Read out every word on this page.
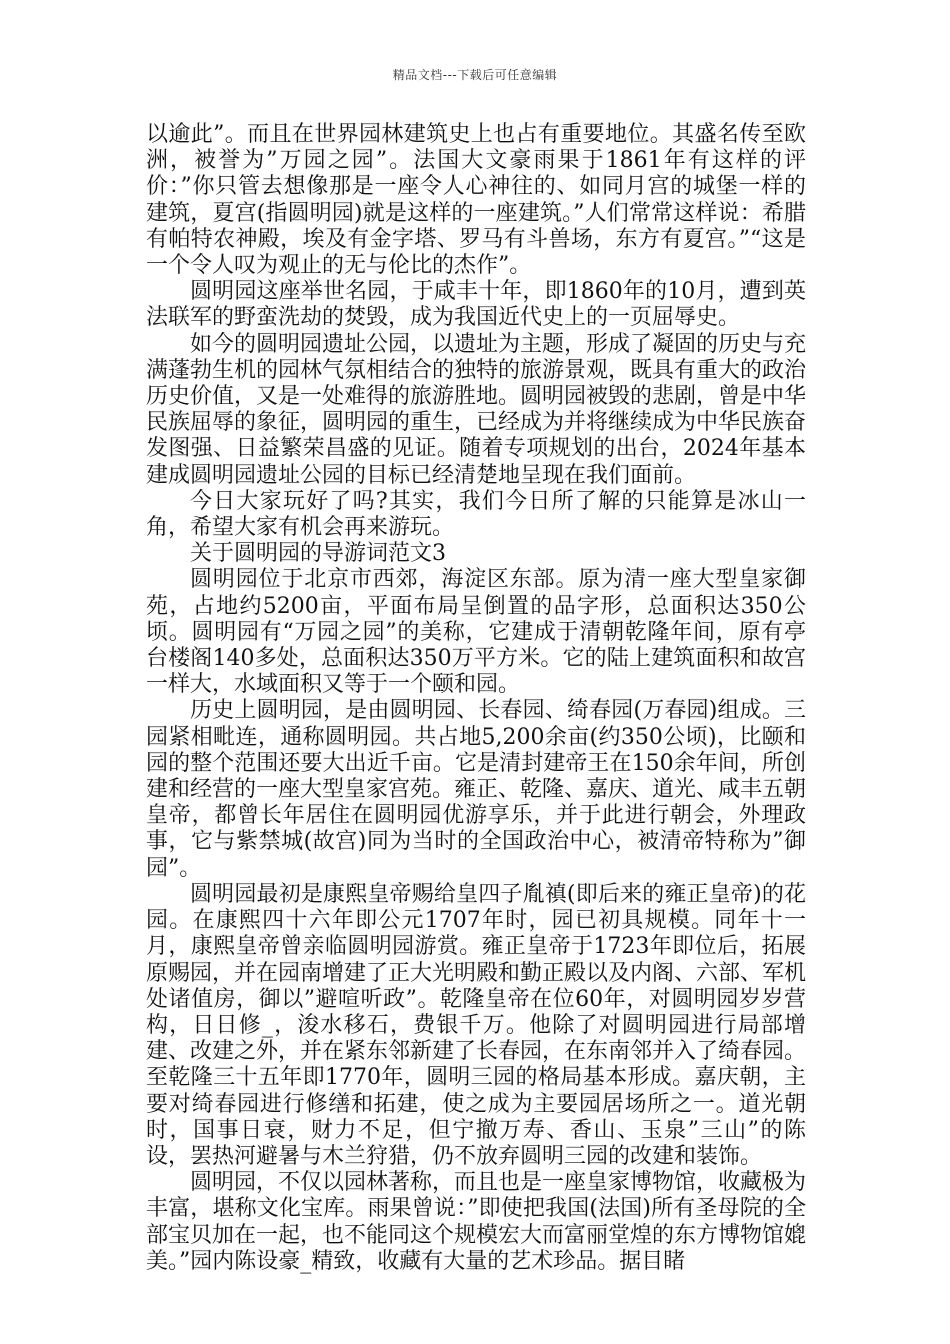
精品文档---下载后可任意编辑

以逾此”。而且在世界园林建筑史上也占有重要地位。其盛名传至欧洲，被誉为”万园之园”。法国大文豪雨果于1861年有这样的评价：”你只管去想像那是一座令人心神往的、如同月宫的城堡一样的建筑，夏宫(指圆明园)就是这样的一座建筑。”人们常常这样说：希腊有帕特农神殿，埃及有金字塔、罗马有斗兽场，东方有夏宫。”“这是一个令人叹为观止的无与伦比的杰作”。

圆明园这座举世名园，于咸丰十年，即1860年的10月，遭到英法联军的野蛮洗劫的焚毁，成为我国近代史上的一页屈辱史。

如今的圆明园遗址公园，以遗址为主题，形成了凝固的历史与充满蓬勃生机的园林气氛相结合的独特的旅游景观，既具有重大的政治历史价值，又是一处难得的旅游胜地。圆明园被毁的悲剧，曾是中华民族屈辱的象征，圆明园的重生，已经成为并将继续成为中华民族奋发图强、日益繁荣昌盛的见证。随着专项规划的出台，2024年基本建成圆明园遗址公园的目标已经清楚地呈现在我们面前。

今日大家玩好了吗?其实，我们今日所了解的只能算是冰山一角，希望大家有机会再来游玩。

关于圆明园的导游词范文3

圆明园位于北京市西郊，海淀区东部。原为清一座大型皇家御苑，占地约5200亩，平面布局呈倒置的品字形，总面积达350公顷。圆明园有“万园之园”的美称，它建成于清朝乾隆年间，原有亭台楼阁140多处，总面积达350万平方米。它的陆上建筑面积和故宫一样大，水域面积又等于一个颐和园。

历史上圆明园，是由圆明园、长春园、绮春园(万春园)组成。三园紧相毗连，通称圆明园。共占地5,200余亩(约350公顷)，比颐和园的整个范围还要大出近千亩。它是清封建帝王在150余年间，所创建和经营的一座大型皇家宫苑。雍正、乾隆、嘉庆、道光、咸丰五朝皇帝，都曾长年居住在圆明园优游享乐，并于此进行朝会，外理政事，它与紫禁城(故宫)同为当时的全国政治中心，被清帝特称为”御园”。

圆明园最初是康熙皇帝赐给皇四子胤禛(即后来的雍正皇帝)的花园。在康熙四十六年即公元1707年时，园已初具规模。同年十一月，康熙皇帝曾亲临圆明园游赏。雍正皇帝于1723年即位后，拓展原赐园，并在园南增建了正大光明殿和勤正殿以及内阁、六部、军机处诸值房，御以”避喧听政”。乾隆皇帝在位60年，对圆明园岁岁营构，日日修_，浚水移石，费银千万。他除了对圆明园进行局部增建、改建之外，并在紧东邻新建了长春园，在东南邻并入了绮春园。至乾隆三十五年即1770年，圆明三园的格局基本形成。嘉庆朝，主要对绮春园进行修缮和拓建，使之成为主要园居场所之一。道光朝时，国事日衰，财力不足，但宁撤万寿、香山、玉泉”三山”的陈设，罢热河避暑与木兰狩猎，仍不放弃圆明三园的改建和装饰。

圆明园，不仅以园林著称，而且也是一座皇家博物馆，收藏极为丰富，堪称文化宝库。雨果曾说：”即使把我国(法国)所有圣母院的全部宝贝加在一起，也不能同这个规模宏大而富丽堂煌的东方博物馆媲美。”园内陈设豪_精致，收藏有大量的艺术珍品。据目睹
